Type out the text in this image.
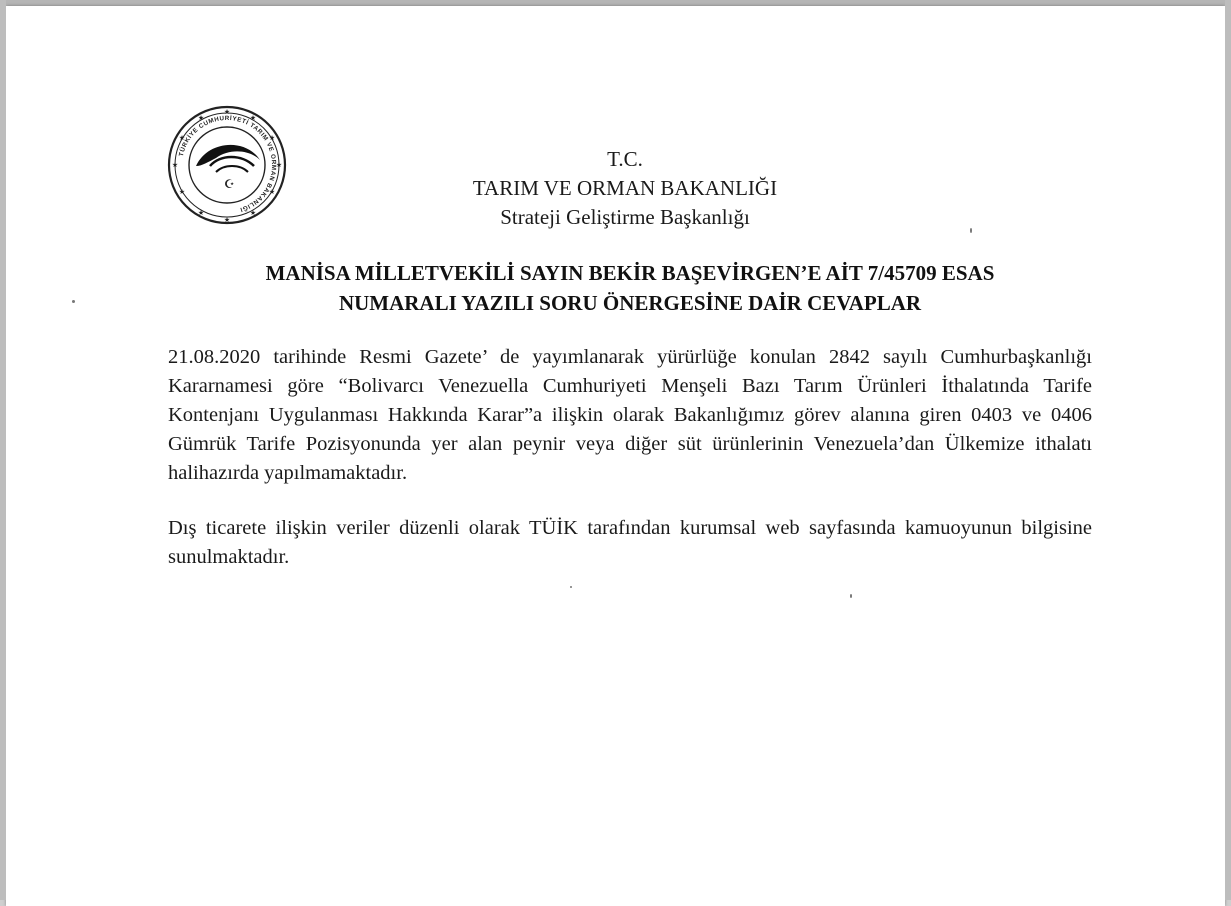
TÜRKİYE CUMHURİYETİ TARIM VE ORMAN BAKANLIĞI
★
★	★
★	★
★	★
★	★
★	★
★
☪
T.C.
TARIM VE ORMAN BAKANLIĞI
Strateji Geliştirme Başkanlığı
MANİSA MİLLETVEKİLİ SAYIN BEKİR BAŞEVİRGEN’E AİT 7/45709 ESAS
NUMARALI YAZILI SORU ÖNERGESİNE DAİR CEVAPLAR
21.08.2020 tarihinde Resmi Gazete’ de yayımlanarak yürürlüğe konulan 2842 sayılı Cumhurbaşkanlığı Kararnamesi göre “Bolivarcı Venezuella Cumhuriyeti Menşeli Bazı Tarım Ürünleri İthalatında Tarife Kontenjanı Uygulanması Hakkında Karar”a ilişkin olarak Bakanlığımız görev alanına giren 0403 ve 0406 Gümrük Tarife Pozisyonunda yer alan peynir veya diğer süt ürünlerinin Venezuela’dan Ülkemize ithalatı halihazırda yapılmamaktadır.
Dış ticarete ilişkin veriler düzenli olarak TÜİK tarafından kurumsal web sayfasında kamuoyunun bilgisine sunulmaktadır.
